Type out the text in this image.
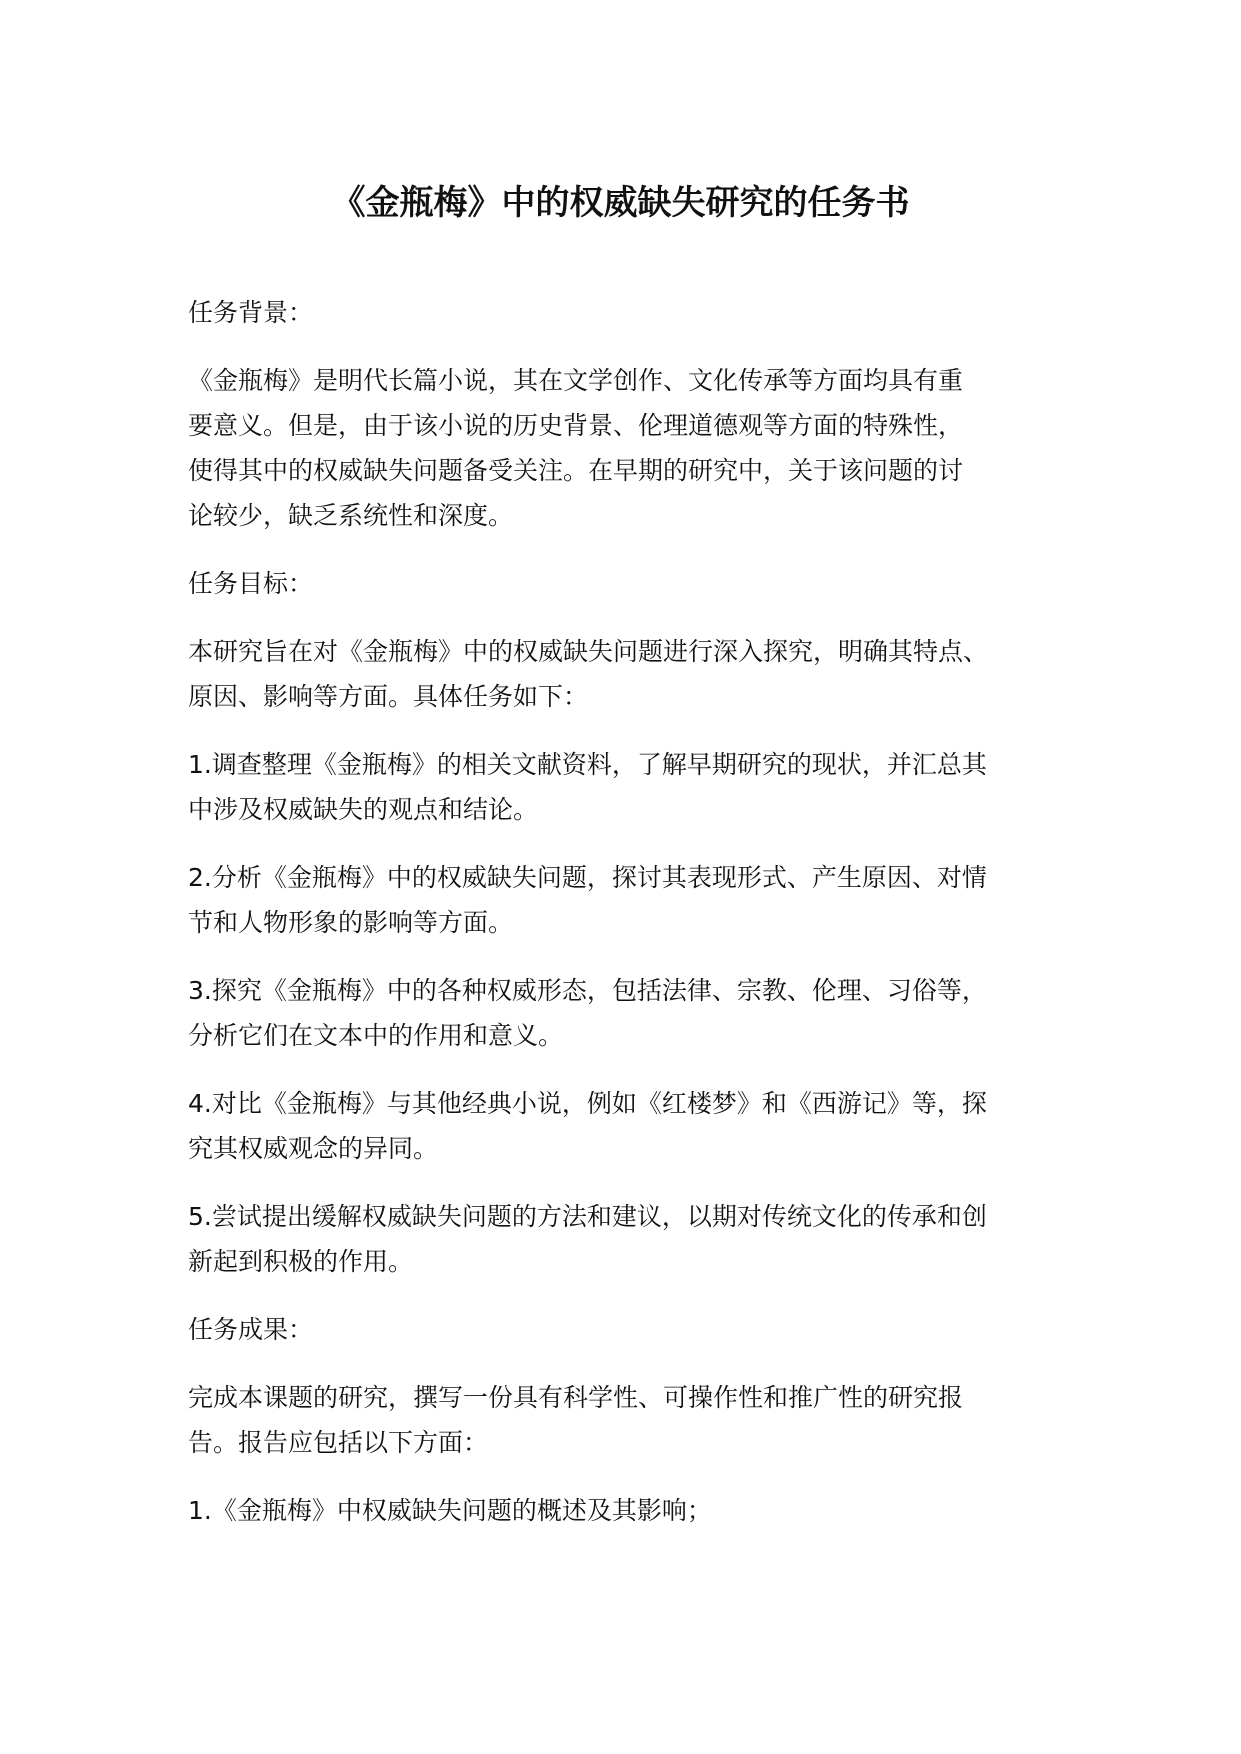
《金瓶梅》中的权威缺失研究的任务书

任务背景：

《金瓶梅》是明代长篇小说，其在文学创作、文化传承等方面均具有重
要意义。但是，由于该小说的历史背景、伦理道德观等方面的特殊性，
使得其中的权威缺失问题备受关注。在早期的研究中，关于该问题的讨
论较少，缺乏系统性和深度。

任务目标：

本研究旨在对《金瓶梅》中的权威缺失问题进行深入探究，明确其特点、
原因、影响等方面。具体任务如下：

1.调查整理《金瓶梅》的相关文献资料，了解早期研究的现状，并汇总其
中涉及权威缺失的观点和结论。

2.分析《金瓶梅》中的权威缺失问题，探讨其表现形式、产生原因、对情
节和人物形象的影响等方面。

3.探究《金瓶梅》中的各种权威形态，包括法律、宗教、伦理、习俗等，
分析它们在文本中的作用和意义。

4.对比《金瓶梅》与其他经典小说，例如《红楼梦》和《西游记》等，探
究其权威观念的异同。

5.尝试提出缓解权威缺失问题的方法和建议，以期对传统文化的传承和创
新起到积极的作用。

任务成果：

完成本课题的研究，撰写一份具有科学性、可操作性和推广性的研究报
告。报告应包括以下方面：

1.《金瓶梅》中权威缺失问题的概述及其影响；
